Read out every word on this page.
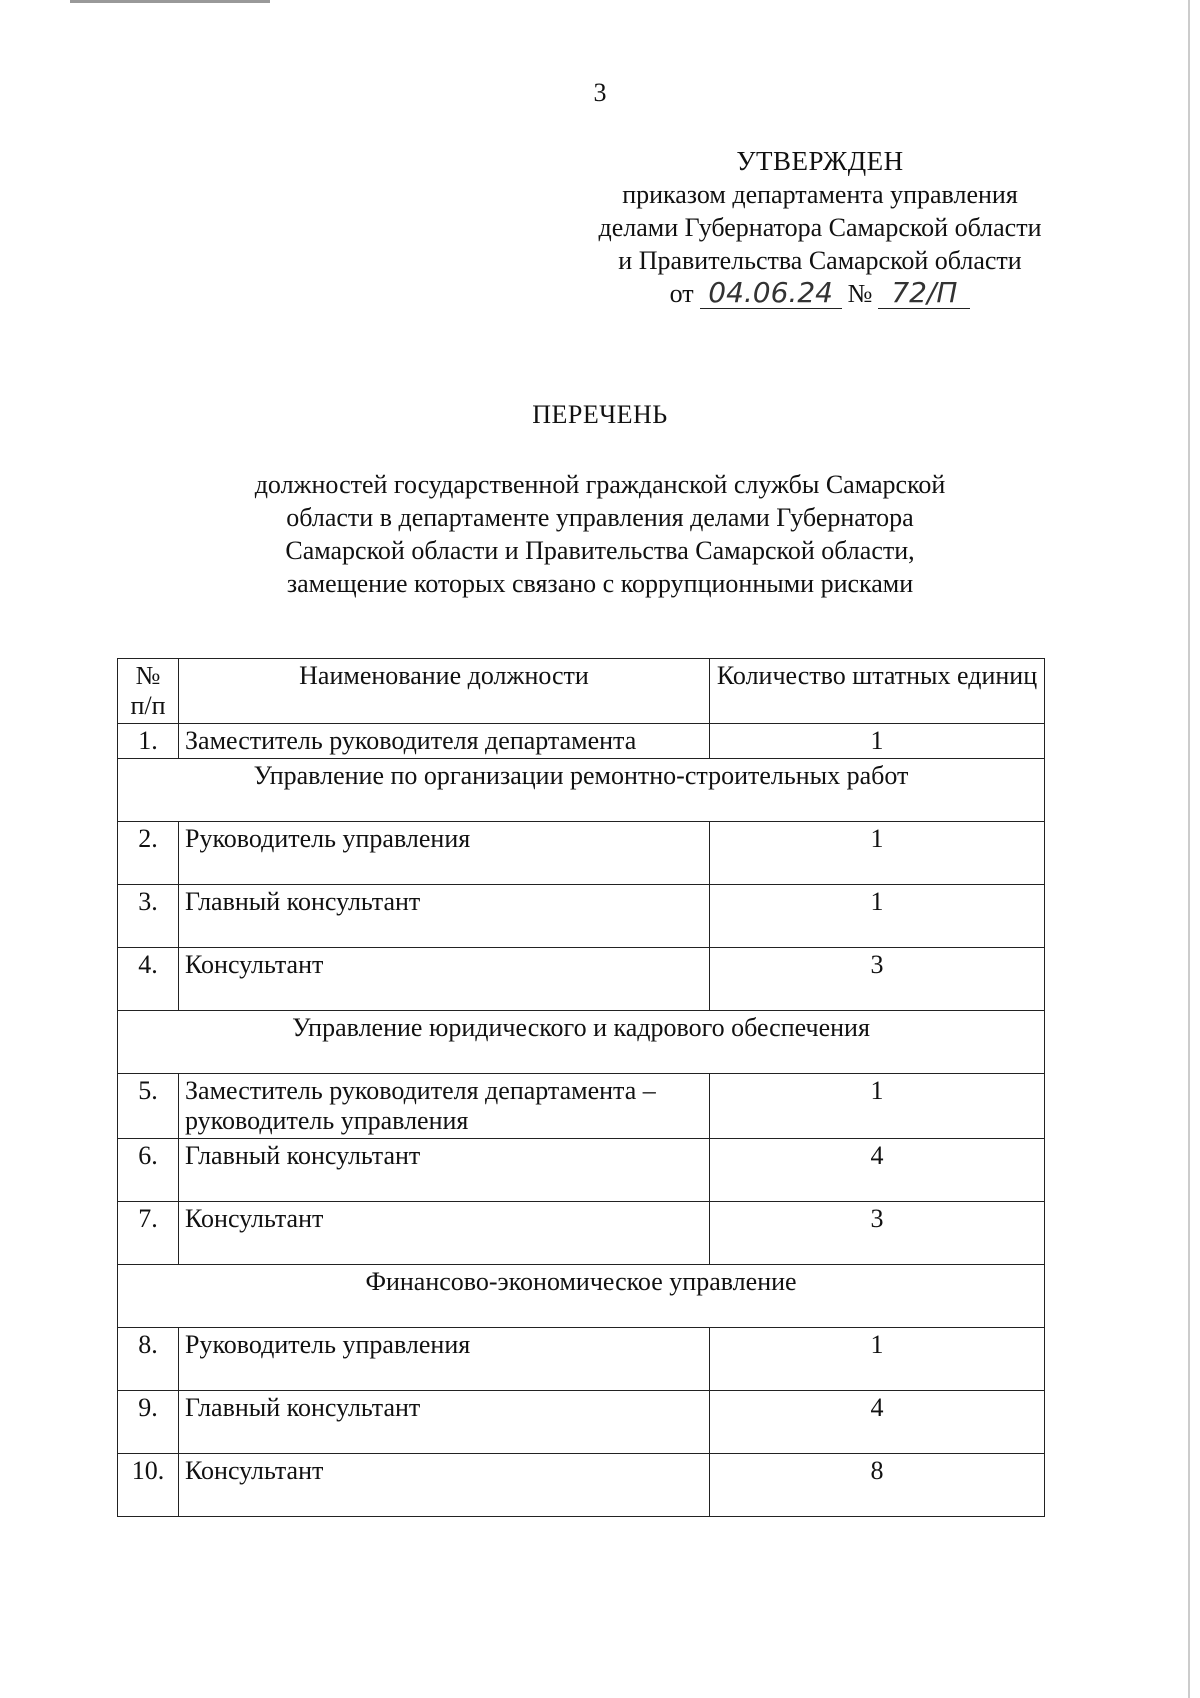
3
УТВЕРЖДЕН
приказом департамента управления
делами Губернатора Самарской области
и Правительства Самарской области
от 04.06.24 № 72/П
ПЕРЕЧЕНЬ
должностей государственной гражданской службы Самарской
области в департаменте управления делами Губернатора
Самарской области и Правительства Самарской области,
замещение которых связано с коррупционными рисками
№ п/п	Наименование должности	Количество штатных единиц
1.	Заместитель руководителя департамента	1
Управление по организации ремонтно-строительных работ		
2.	Руководитель управления	1
3.	Главный консультант	1
4.	Консультант	3
Управление юридического и кадрового обеспечения		
5.	Заместитель руководителя департамента – руководитель управления	1
6.	Главный консультант	4
7.	Консультант	3
Финансово-экономическое управление		
8.	Руководитель управления	1
9.	Главный консультант	4
10.	Консультант	8
